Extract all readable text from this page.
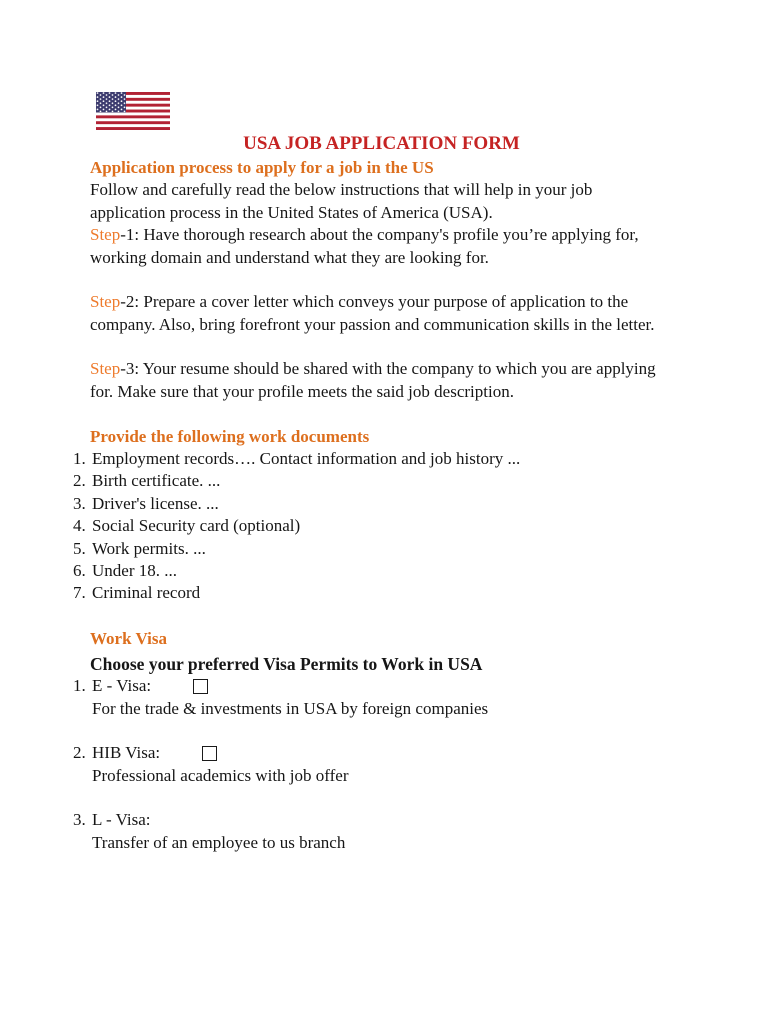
USA JOB APPLICATION FORM
Application process to apply for a job in the US

Follow and carefully read the below instructions that will help in your job application process in the United States of America (USA).

Step-1: Have thorough research about the company's profile you’re applying for, working domain and understand what they are looking for.

Step-2: Prepare a cover letter which conveys your purpose of application to the company. Also, bring forefront your passion and communication skills in the letter.

Step-3: Your resume should be shared with the company to which you are applying for. Make sure that your profile meets the said job description.

Provide the following work documents
1. Employment records…. Contact information and job history ...
2. Birth certificate. ...
3. Driver's license. ...
4. Social Security card (optional)
5. Work permits. ...
6. Under 18. ...
7. Criminal record
Work Visa

Choose your preferred Visa Permits to Work in USA

1. E - Visa:
For the trade & investments in USA by foreign companies
2. HIB Visa:
Professional academics with job offer
3. L - Visa:
Transfer of an employee to us branch
